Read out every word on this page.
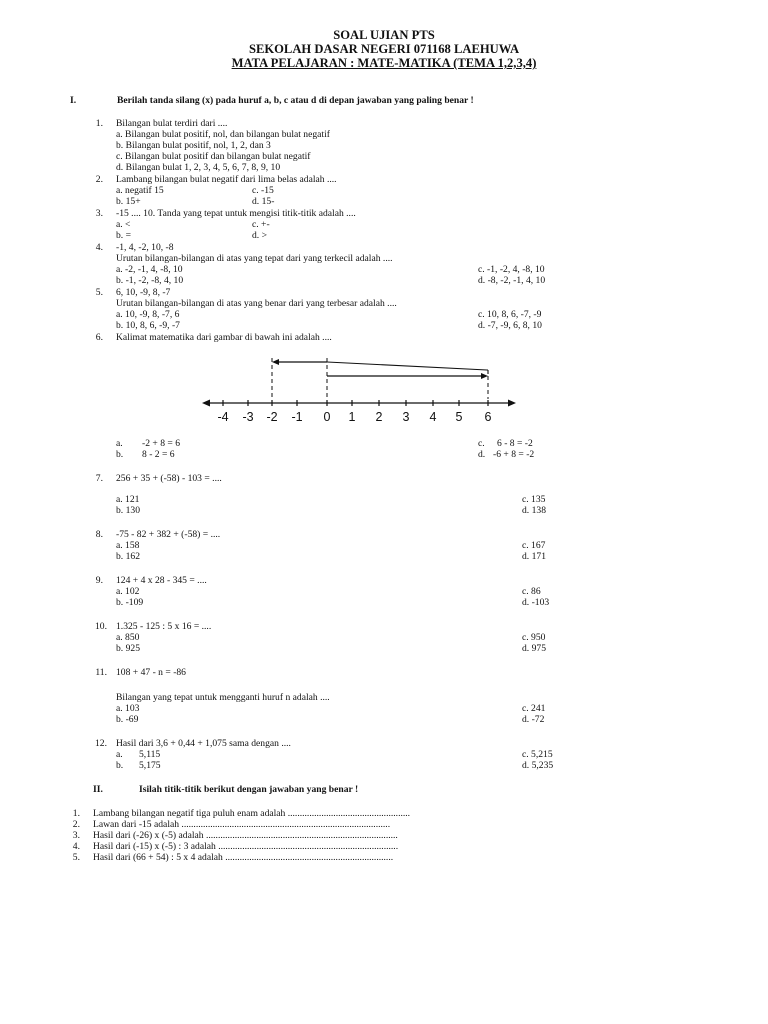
SOAL UJIAN PTS
SEKOLAH DASAR NEGERI 071168 LAEHUWA
MATA PELAJARAN : MATE-MATIKA (TEMA 1,2,3,4)
I.	Berilah tanda silang (x) pada huruf a, b, c atau d di depan jawaban yang paling benar !
1. Bilangan bulat terdiri dari ....
a. Bilangan bulat positif, nol, dan bilangan bulat negatif
b. Bilangan bulat positif, nol, 1, 2, dan 3
c. Bilangan bulat positif dan bilangan bulat negatif
d. Bilangan bulat 1, 2, 3, 4, 5, 6, 7, 8, 9, 10
2. Lambang bilangan bulat negatif dari lima belas adalah ....
a. negatif 15	c. -15
b. 15+	d. 15-
3. -15 .... 10. Tanda yang tepat untuk mengisi titik-titik adalah ....
a. <	c. +-
b. =	d. >
4. -1, 4, -2, 10, -8
Urutan bilangan-bilangan di atas yang tepat dari yang terkecil adalah ....
a. -2, -1, 4, -8, 10	c. -1, -2, 4, -8, 10
b. -1, -2, -8, 4, 10	d. -8, -2, -1, 4, 10
5. 6, 10, -9, 8, -7
Urutan bilangan-bilangan di atas yang benar dari yang terbesar adalah ....
a. 10, -9, 8, -7, 6	c. 10, 8, 6, -7, -9
b. 10, 8, 6, -9, -7	d. -7, -9, 6, 8, 10
6. Kalimat matematika dari gambar di bawah ini adalah ....
-4 -3 -2 -1 0 1 2 3 4 5 6
a. -2 + 8 = 6	c. 6 - 8 = -2
b. 8 - 2 = 6	d. -6 + 8 = -2
7. 256 + 35 + (-58) - 103 = ....
a. 121	c. 135
b. 130	d. 138
8. -75 - 82 + 382 + (-58) = ....
a. 158	c. 167
b. 162	d. 171
9. 124 + 4 x 28 - 345 = ....
a. 102	c. 86
b. -109	d. -103
10. 1.325 - 125 : 5 x 16 = ....
a. 850	c. 950
b. 925	d. 975
11. 108 + 47 - n = -86
Bilangan yang tepat untuk mengganti huruf n adalah ....
a. 103	c. 241
b. -69	d. -72
12. Hasil dari 3,6 + 0,44 + 1,075 sama dengan ....
a. 5,115	c. 5,215
b. 5,175	d. 5,235
II.	Isilah titik-titik berikut dengan jawaban yang benar !
1. Lambang bilangan negatif tiga puluh enam adalah ...................................................
2. Lawan dari -15 adalah .......................................................................................
3. Hasil dari (-26) x (-5) adalah ................................................................................
4. Hasil dari (-15) x (-5) : 3 adalah ...........................................................................
5. Hasil dari (66 + 54) : 5 x 4 adalah ......................................................................
